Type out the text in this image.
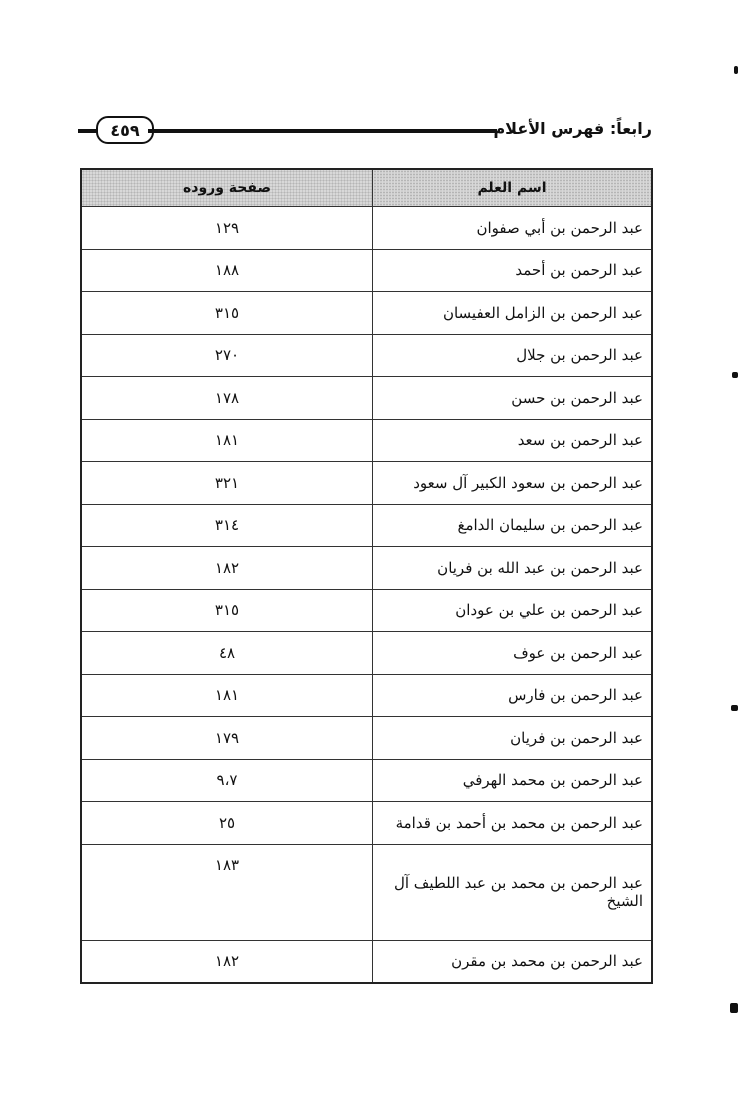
٤٥٩	رابعاً: فهرس الأعلام
اسم العلم	صفحة وروده
عبد الرحمن بن أبي صفوان	١٢٩
عبد الرحمن بن أحمد	١٨٨
عبد الرحمن بن الزامل العفيسان	٣١٥
عبد الرحمن بن جلال	٢٧٠
عبد الرحمن بن حسن	١٧٨
عبد الرحمن بن سعد	١٨١
عبد الرحمن بن سعود الكبير آل سعود	٣٢١
عبد الرحمن بن سليمان الدامغ	٣١٤
عبد الرحمن بن عبد الله بن فريان	١٨٢
عبد الرحمن بن علي بن عودان	٣١٥
عبد الرحمن بن عوف	٤٨
عبد الرحمن بن فارس	١٨١
عبد الرحمن بن فريان	١٧٩
عبد الرحمن بن محمد الهرفي	٩،٧
عبد الرحمن بن محمد بن أحمد بن قدامة	٢٥
عبد الرحمن بن محمد بن عبد اللطيف آل الشيخ	١٨٣
عبد الرحمن بن محمد بن مقرن	١٨٢
